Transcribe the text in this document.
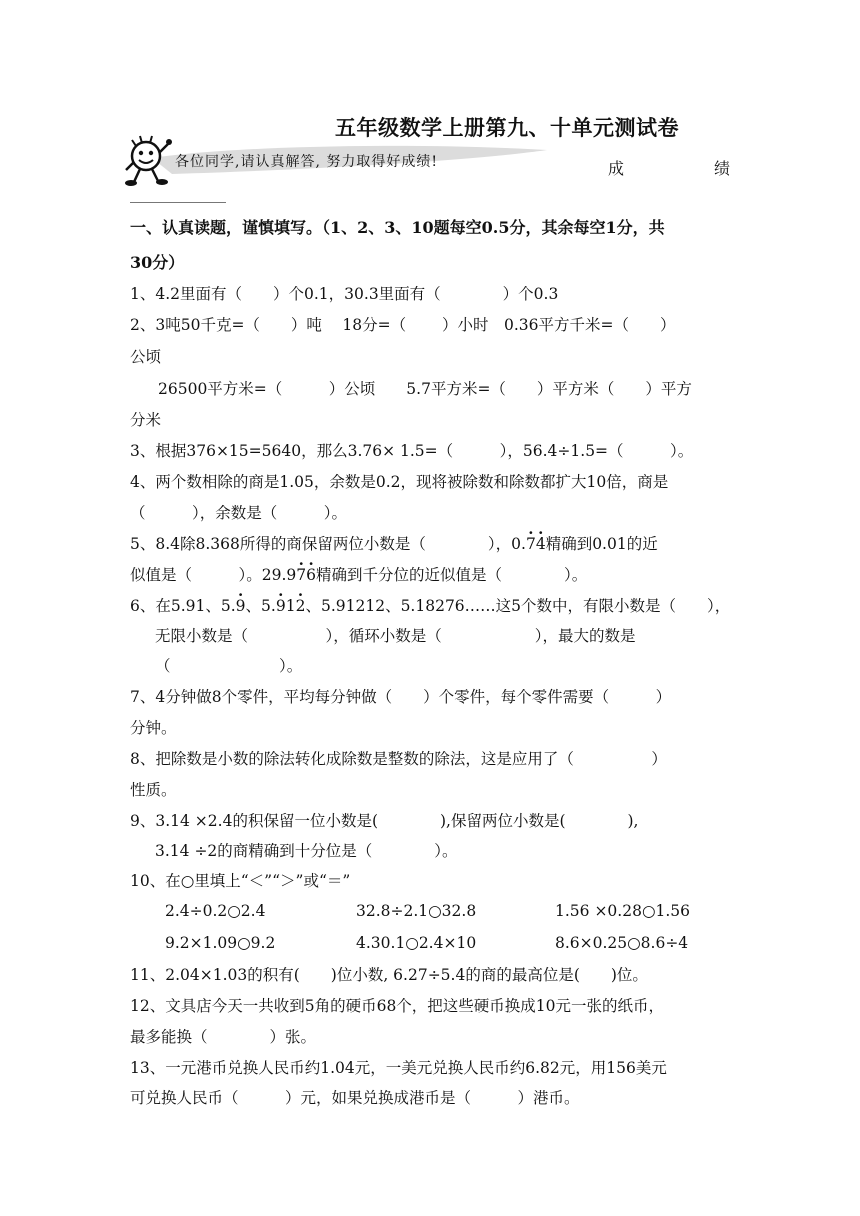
五年级数学上册第九、十单元测试卷
各位同学,请认真解答, 努力取得好成绩!	成	绩
一、认真读题，谨慎填写。（1、2、3、10题每空0.5分，其余每空1分，共
30分）
1、4.2里面有（　　）个0.1，30.3里面有（　　　　）个0.3
2、3吨50千克=（　　）吨　 18分=（　　 ）小时　0.36平方千米=（　　）
公顷
26500平方米=（　　　）公顷　　5.7平方米=（　　）平方米（　　）平方
分米
3、根据376×15=5640，那么3.76× 1.5=（　　　），56.4÷1.5=（　　　）。
4、两个数相除的商是1.05，余数是0.2，现将被除数和除数都扩大10倍，商是
（　　　），余数是（　　　）。
5、8.4除8.368所得的商保留两位小数是（　　　　），0.· 7· 4精确到0.01的近
似值是（　　　）。29.9· 7· 6精确到千分位的近似值是（　　　　）。
6、在5.91、5.· 9、5.· 91· 2、5.91212、5.18276……这5个数中，有限小数是（　　），
无限小数是（　　　　　），循环小数是（　　　　　　），最大的数是
（　　　　　　　）。
7、4分钟做8个零件，平均每分钟做（　　）个零件，每个零件需要（　　　）
分钟。
8、把除数是小数的除法转化成除数是整数的除法，这是应用了（　　　　　）
性质。
9、3.14 ×2.4的积保留一位小数是(　　　　),保留两位小数是(　　　　),
3.14 ÷2的商精确到十分位是（　　　　）。
10、在○里填上“＜”“＞”或“＝”
2.4÷0.2○2.4	32.8÷2.1○32.8	1.56 ×0.28○1.56
9.2×1.09○9.2	4.30.1○2.4×10	8.6×0.25○8.6÷4
11、2.04×1.03的积有(　　)位小数, 6.27÷5.4的商的最高位是(　　)位。
12、文具店今天一共收到5角的硬币68个，把这些硬币换成10元一张的纸币，
最多能换（　　　　）张。
13、一元港币兑换人民币约1.04元，一美元兑换人民币约6.82元，用156美元
可兑换人民币（　　　）元，如果兑换成港币是（　　　）港币。
